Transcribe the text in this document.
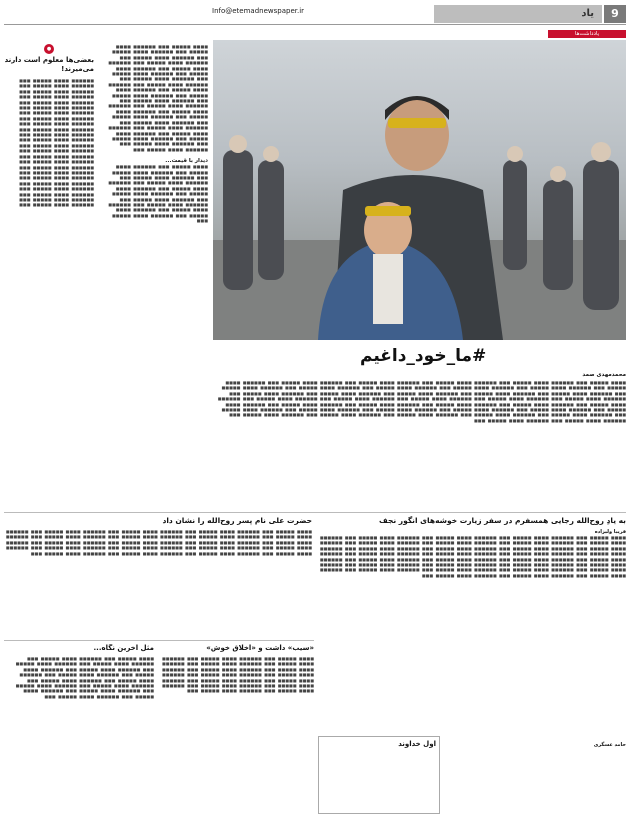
9
یاد
Info@etemadnewspaper.ir
یادداشت‌ها
#ما_خود_داغیم
●
بعضی‌ها معلوم است دارند می‌میرند!
■■■■■■ ■■■■ ■■■■■ ■■■ ■■■■■■ ■■■■ ■■■■■ ■■■ ■■■■■■ ■■■■ ■■■■■ ■■■ ■■■■■■ ■■■■ ■■■■■ ■■■ ■■■■■■ ■■■■ ■■■■■ ■■■ ■■■■■■ ■■■■ ■■■■■ ■■■ ■■■■■■ ■■■■ ■■■■■ ■■■ ■■■■■■ ■■■■ ■■■■■ ■■■ ■■■■■■ ■■■■ ■■■■■ ■■■ ■■■■■■ ■■■■ ■■■■■ ■■■ ■■■■■■ ■■■■ ■■■■■ ■■■ ■■■■■■ ■■■■ ■■■■■ ■■■ ■■■■■■ ■■■■ ■■■■■ ■■■ ■■■■■■ ■■■■ ■■■■■ ■■■ ■■■■■■ ■■■■ ■■■■■ ■■■ ■■■■■■ ■■■■ ■■■■■ ■■■ ■■■■■■ ■■■■ ■■■■■ ■■■ ■■■■■■ ■■■■ ■■■■■ ■■■ ■■■■■■ ■■■■ ■■■■■ ■■■ ■■■■■■ ■■■■ ■■■■■ ■■■ ■■■■■■ ■■■■ ■■■■■ ■■■ ■■■■■■ ■■■■ ■■■■■ ■■■ ■■■■■■ ■■■■ ■■■■■ ■■■ ■■■■■■ ■■■■ ■■■■■ ■■■
■■■■ ■■■■■ ■■■ ■■■■■■ ■■■■ ■■■■■ ■■■ ■■■■■■ ■■■■ ■■■■■ ■■■ ■■■■■■ ■■■■ ■■■■■ ■■■ ■■■■■■ ■■■■ ■■■■■ ■■■ ■■■■■■ ■■■■ ■■■■■ ■■■ ■■■■■■ ■■■■ ■■■■■ ■■■ ■■■■■■ ■■■■ ■■■■■ ■■■ ■■■■■■ ■■■■ ■■■■■ ■■■ ■■■■■■ ■■■■ ■■■■■ ■■■ ■■■■■■ ■■■■ ■■■■■ ■■■ ■■■■■■ ■■■■ ■■■■■ ■■■ ■■■■■■ ■■■■ ■■■■■ ■■■ ■■■■■■ ■■■■ ■■■■■ ■■■ ■■■■■■ ■■■■ ■■■■■ ■■■ ■■■■■■ ■■■■ ■■■■■ ■■■ ■■■■■■ ■■■■ ■■■■■ ■■■ ■■■■■■ ■■■■ ■■■■■ ■■■ ■■■■■■ ■■■■ ■■■■■ ■■■ ■■■■■■ ■■■■ ■■■■■ ■■■ ■■■■■■ ■■■■ ■■■■■ ■■■ ■■■■■■ ■■■■ ■■■■■ ■■■ ■■■■■■ ■■■■ ■■■■■ ■■■ ■■■■■■ ■■■■ ■■■■■ ■■■ ■■■■■■ ■■■■ ■■■■■ ■■■
دیدار با قیمت...
■■■■ ■■■■■ ■■■ ■■■■■■ ■■■■ ■■■■■ ■■■ ■■■■■■ ■■■■ ■■■■■ ■■■ ■■■■■■ ■■■■ ■■■■■ ■■■ ■■■■■■ ■■■■ ■■■■■ ■■■ ■■■■■■ ■■■■ ■■■■■ ■■■ ■■■■■■ ■■■■ ■■■■■ ■■■ ■■■■■■ ■■■■ ■■■■■ ■■■ ■■■■■■ ■■■■ ■■■■■ ■■■ ■■■■■■ ■■■■ ■■■■■ ■■■ ■■■■■■ ■■■■ ■■■■■ ■■■ ■■■■■■ ■■■■ ■■■■■ ■■■ ■■■■■■ ■■■■ ■■■■■ ■■■
محمدمهدی صمد
■■■■ ■■■■■ ■■■ ■■■■■■ ■■■■ ■■■■■ ■■■ ■■■■■■ ■■■■ ■■■■■ ■■■ ■■■■■■ ■■■■ ■■■■■ ■■■ ■■■■■■ ■■■■ ■■■■■ ■■■ ■■■■■■ ■■■■ ■■■■■ ■■■ ■■■■■■ ■■■■ ■■■■■ ■■■ ■■■■■■ ■■■■ ■■■■■ ■■■ ■■■■■■ ■■■■ ■■■■■ ■■■ ■■■■■■ ■■■■ ■■■■■ ■■■ ■■■■■■ ■■■■ ■■■■■ ■■■ ■■■■■■ ■■■■ ■■■■■ ■■■ ■■■■■■ ■■■■ ■■■■■ ■■■ ■■■■■■ ■■■■ ■■■■■ ■■■ ■■■■■■ ■■■■ ■■■■■ ■■■ ■■■■■■ ■■■■ ■■■■■ ■■■ ■■■■■■ ■■■■ ■■■■■ ■■■ ■■■■■■ ■■■■ ■■■■■ ■■■ ■■■■■■ ■■■■ ■■■■■ ■■■ ■■■■■■ ■■■■ ■■■■■ ■■■ ■■■■■■ ■■■■ ■■■■■ ■■■ ■■■■■■ ■■■■ ■■■■■ ■■■ ■■■■■■ ■■■■ ■■■■■ ■■■ ■■■■■■ ■■■■ ■■■■■ ■■■ ■■■■■■ ■■■■ ■■■■■ ■■■ ■■■■■■ ■■■■ ■■■■■ ■■■ ■■■■■■ ■■■■ ■■■■■ ■■■ ■■■■■■ ■■■■ ■■■■■ ■■■ ■■■■■■ ■■■■ ■■■■■ ■■■ ■■■■■■ ■■■■ ■■■■■ ■■■ ■■■■■■ ■■■■ ■■■■■ ■■■ ■■■■■■ ■■■■ ■■■■■ ■■■ ■■■■■■ ■■■■ ■■■■■ ■■■ ■■■■■■ ■■■■ ■■■■■ ■■■ ■■■■■■ ■■■■ ■■■■■ ■■■ ■■■■■■ ■■■■ ■■■■■ ■■■ ■■■■■■ ■■■■ ■■■■■ ■■■ ■■■■■■ ■■■■ ■■■■■ ■■■ ■■■■■■ ■■■■ ■■■■■ ■■■
به یادِ روح‌الله رجایی همسفرم در سفر زیارت خوشه‌های انگور نجف
فریبا ولیزاده
■■■■ ■■■■■ ■■■ ■■■■■■ ■■■■ ■■■■■ ■■■ ■■■■■■ ■■■■ ■■■■■ ■■■ ■■■■■■ ■■■■ ■■■■■ ■■■ ■■■■■■ ■■■■ ■■■■■ ■■■ ■■■■■■ ■■■■ ■■■■■ ■■■ ■■■■■■ ■■■■ ■■■■■ ■■■ ■■■■■■ ■■■■ ■■■■■ ■■■ ■■■■■■ ■■■■ ■■■■■ ■■■ ■■■■■■ ■■■■ ■■■■■ ■■■ ■■■■■■ ■■■■ ■■■■■ ■■■ ■■■■■■ ■■■■ ■■■■■ ■■■ ■■■■■■ ■■■■ ■■■■■ ■■■ ■■■■■■ ■■■■ ■■■■■ ■■■ ■■■■■■ ■■■■ ■■■■■ ■■■ ■■■■■■ ■■■■ ■■■■■ ■■■ ■■■■■■ ■■■■ ■■■■■ ■■■ ■■■■■■ ■■■■ ■■■■■ ■■■ ■■■■■■ ■■■■ ■■■■■ ■■■ ■■■■■■ ■■■■ ■■■■■ ■■■ ■■■■■■ ■■■■ ■■■■■ ■■■ ■■■■■■ ■■■■ ■■■■■ ■■■ ■■■■■■ ■■■■ ■■■■■ ■■■ ■■■■■■ ■■■■ ■■■■■ ■■■ ■■■■■■ ■■■■ ■■■■■ ■■■ ■■■■■■ ■■■■ ■■■■■ ■■■ ■■■■■■ ■■■■ ■■■■■ ■■■ ■■■■■■ ■■■■ ■■■■■ ■■■ ■■■■■■ ■■■■ ■■■■■ ■■■ ■■■■■■ ■■■■ ■■■■■ ■■■ ■■■■■■ ■■■■ ■■■■■ ■■■
اول خداوند	حامد عسگری
حضرت علی نام پسر روح‌الله را نشان داد
■■■■ ■■■■■ ■■■ ■■■■■■ ■■■■ ■■■■■ ■■■ ■■■■■■ ■■■■ ■■■■■ ■■■ ■■■■■■ ■■■■ ■■■■■ ■■■ ■■■■■■ ■■■■ ■■■■■ ■■■ ■■■■■■ ■■■■ ■■■■■ ■■■ ■■■■■■ ■■■■ ■■■■■ ■■■ ■■■■■■ ■■■■ ■■■■■ ■■■ ■■■■■■ ■■■■ ■■■■■ ■■■ ■■■■■■ ■■■■ ■■■■■ ■■■ ■■■■■■ ■■■■ ■■■■■ ■■■ ■■■■■■ ■■■■ ■■■■■ ■■■ ■■■■■■ ■■■■ ■■■■■ ■■■ ■■■■■■ ■■■■ ■■■■■ ■■■ ■■■■■■ ■■■■ ■■■■■ ■■■ ■■■■■■ ■■■■ ■■■■■ ■■■ ■■■■■■ ■■■■ ■■■■■ ■■■ ■■■■■■ ■■■■ ■■■■■ ■■■ ■■■■■■ ■■■■ ■■■■■ ■■■ ■■■■■■ ■■■■ ■■■■■ ■■■
مثل آخرین نگاه...
■■■■ ■■■■■ ■■■ ■■■■■■ ■■■■ ■■■■■ ■■■ ■■■■■■ ■■■■ ■■■■■ ■■■ ■■■■■■ ■■■■ ■■■■■ ■■■ ■■■■■■ ■■■■ ■■■■■ ■■■ ■■■■■■ ■■■■ ■■■■■ ■■■ ■■■■■■ ■■■■ ■■■■■ ■■■ ■■■■■■ ■■■■ ■■■■■ ■■■ ■■■■■■ ■■■■ ■■■■■ ■■■ ■■■■■■ ■■■■ ■■■■■ ■■■ ■■■■■■ ■■■■ ■■■■■ ■■■ ■■■■■■ ■■■■ ■■■■■ ■■■ ■■■■■■ ■■■■ ■■■■■ ■■■ ■■■■■■ ■■■■ ■■■■■ ■■■
«سیب» داشت و «اخلاق خوش»
■■■■ ■■■■■ ■■■ ■■■■■■ ■■■■ ■■■■■ ■■■ ■■■■■■ ■■■■ ■■■■■ ■■■ ■■■■■■ ■■■■ ■■■■■ ■■■ ■■■■■■ ■■■■ ■■■■■ ■■■ ■■■■■■ ■■■■ ■■■■■ ■■■ ■■■■■■ ■■■■ ■■■■■ ■■■ ■■■■■■ ■■■■ ■■■■■ ■■■ ■■■■■■ ■■■■ ■■■■■ ■■■ ■■■■■■ ■■■■ ■■■■■ ■■■ ■■■■■■ ■■■■ ■■■■■ ■■■ ■■■■■■ ■■■■ ■■■■■ ■■■ ■■■■■■ ■■■■ ■■■■■ ■■■ ■■■■■■ ■■■■ ■■■■■ ■■■
